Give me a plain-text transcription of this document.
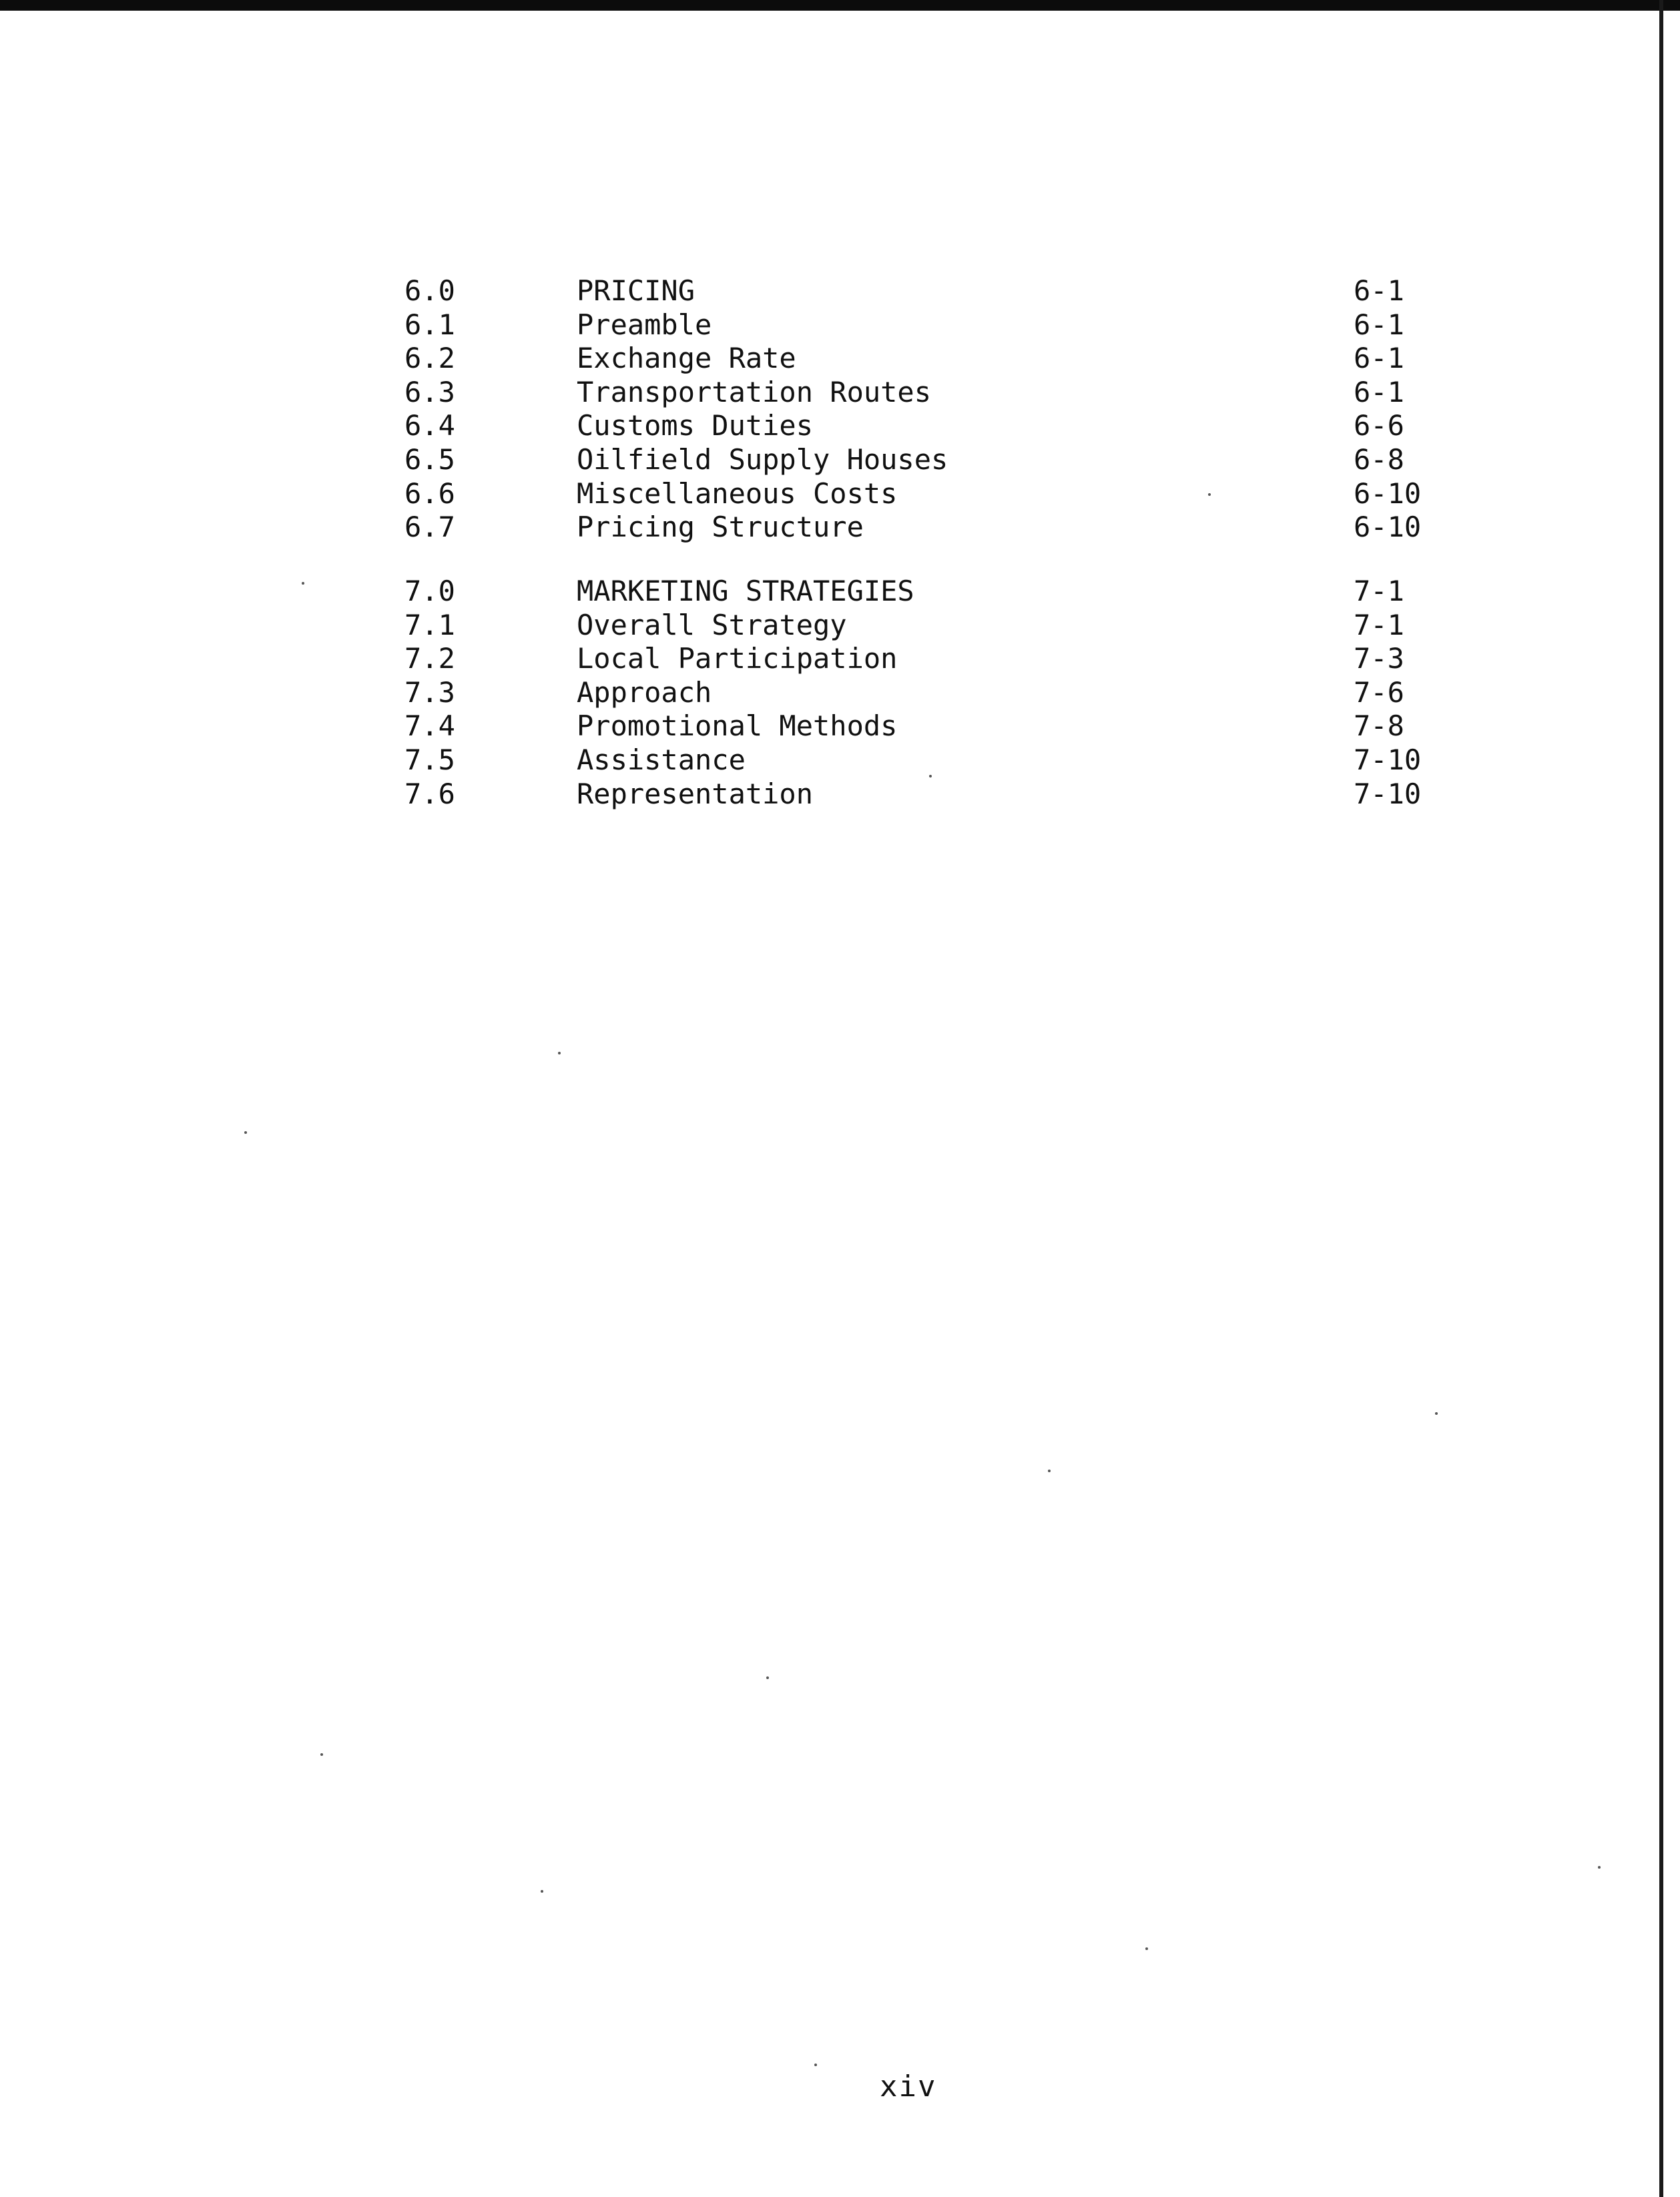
6.0	PRICING	6-1
6.1	Preamble	6-1
6.2	Exchange Rate	6-1
6.3	Transportation Routes	6-1
6.4	Customs Duties	6-6
6.5	Oilfield Supply Houses	6-8
6.6	Miscellaneous Costs	6-10
6.7	Pricing Structure	6-10
7.0	MARKETING STRATEGIES	7-1
7.1	Overall Strategy	7-1
7.2	Local Participation	7-3
7.3	Approach	7-6
7.4	Promotional Methods	7-8
7.5	Assistance	7-10
7.6	Representation	7-10
xiv
